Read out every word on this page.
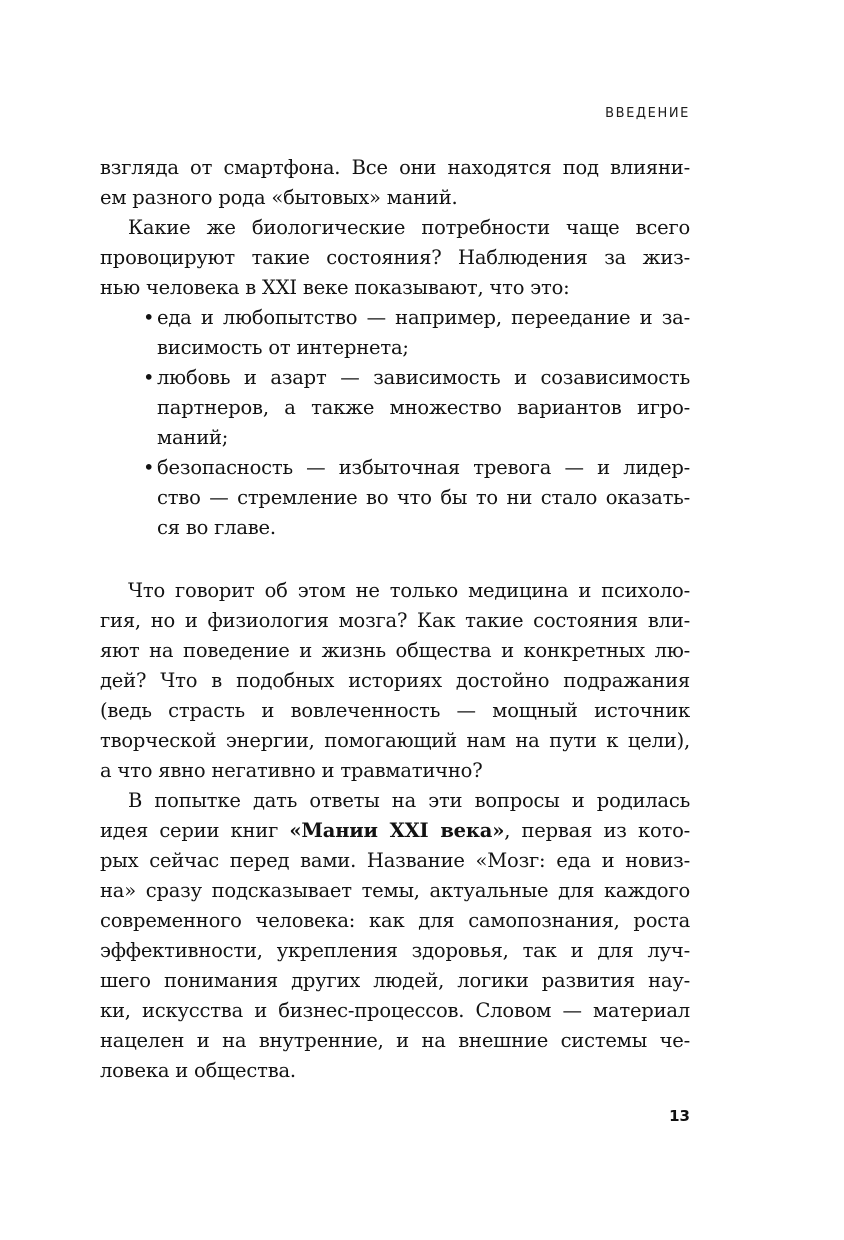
ВВЕДЕНИЕ
взгляда от смартфона. Все они находятся под влияни-
ем разного рода «бытовых» маний.
Какие же биологические потребности чаще всего
провоцируют такие состояния? Наблюдения за жиз-
нью человека в XXI веке показывают, что это:
• еда и любопытство — например, переедание и за-
висимость от интернета;
• любовь и азарт — зависимость и созависимость
партнеров, а также множество вариантов игро-
маний;
• безопасность — избыточная тревога — и лидер-
ство — стремление во что бы то ни стало оказать-
ся во главе.
Что говорит об этом не только медицина и психоло-
гия, но и физиология мозга? Как такие состояния вли-
яют на поведение и жизнь общества и конкретных лю-
дей? Что в подобных историях достойно подражания
(ведь страсть и вовлеченность — мощный источник
творческой энергии, помогающий нам на пути к цели),
а что явно негативно и травматично?
В попытке дать ответы на эти вопросы и родилась
идея серии книг «Мании XXI века», первая из кото-
рых сейчас перед вами. Название «Мозг: еда и новиз-
на» сразу подсказывает темы, актуальные для каждого
современного человека: как для самопознания, роста
эффективности, укрепления здоровья, так и для луч-
шего понимания других людей, логики развития нау-
ки, искусства и бизнес-процессов. Словом — материал
нацелен и на внутренние, и на внешние системы че-
ловека и общества.
13
